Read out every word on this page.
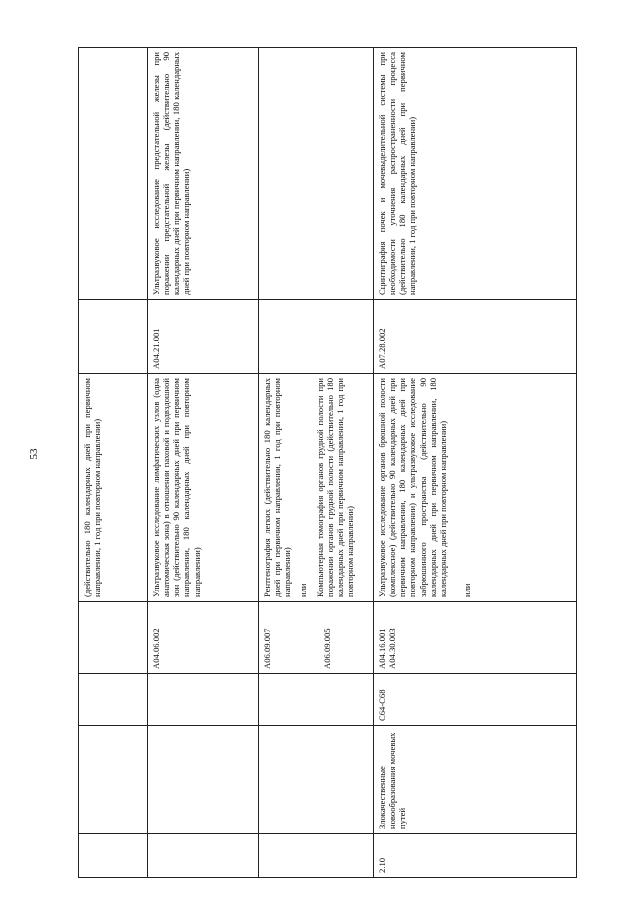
53

				(действительно 180 календарных дней при первичном направлении, 1 год при повторном направлении)		

			A04.06.002	Ультразвуковое исследование лимфатических узлов (одна анатомическая зона) в отношении паховой и подвздошной зон (действительно 90 календарных дней при первичном направлении, 180 календарных дней при повторном направлении)	A04.21.001	Ультразвуковое исследование предстательной железы при поражении предстательной железы (действительно 90 календарных дней при первичном направлении, 180 календарных дней при повторном направлении)

			A06.09.007 A06.09.005	Рентгенография легких (действительно 180 календарных дней при первичном направлении, 1 год при повторном направлении) или Компьютерная томография органов грудной полости при поражении органов грудной полости (действительно 180 календарных дней при первичном направлении, 1 год при повторном направлении)		

2.10	Злокачественные новообразования мочевых путей	C64-C68	A04.16.001 A04.30.003	Ультразвуковое исследование органов брюшной полости (комплексное) (действительно 90 календарных дней при первичном направлении, 180 календарных дней при повторном направлении) и ультразвуковое исследование забрюшинного пространства (действительно 90 календарных дней при первичном направлении, 180 календарных дней при повторном направлении) или	A07.28.002	Сцинтиграфия почек и мочевыделительной системы при необходимости уточнения распространенности процесса (действительно 180 календарных дней при первичном направлении, 1 год при повторном направлении)
